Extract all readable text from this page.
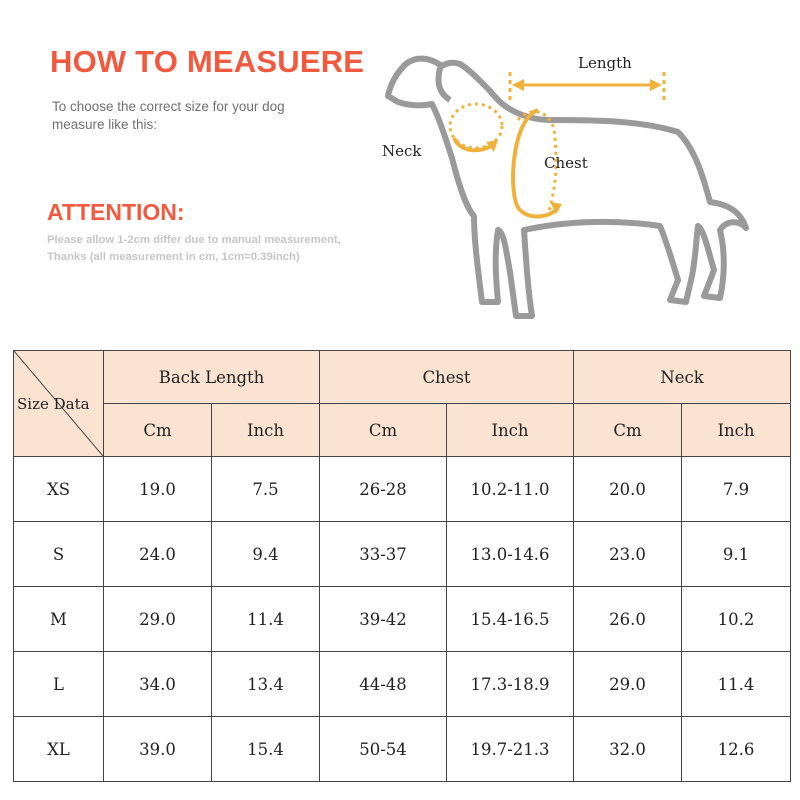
HOW TO MEASUERE

To choose the correct size for your dog
measure like this:

ATTENTION:

Please allow 1-2cm differ due to manual measurement,
Thanks (all measurement in cm, 1cm=0.39inch)

Length
Neck
Chest
Size Data	Back Length		Chest		Neck	
	Cm	Inch	Cm	Inch	Cm	Inch
XS	19.0	7.5	26-28	10.2-11.0	20.0	7.9
S	24.0	9.4	33-37	13.0-14.6	23.0	9.1
M	29.0	11.4	39-42	15.4-16.5	26.0	10.2
L	34.0	13.4	44-48	17.3-18.9	29.0	11.4
XL	39.0	15.4	50-54	19.7-21.3	32.0	12.6
